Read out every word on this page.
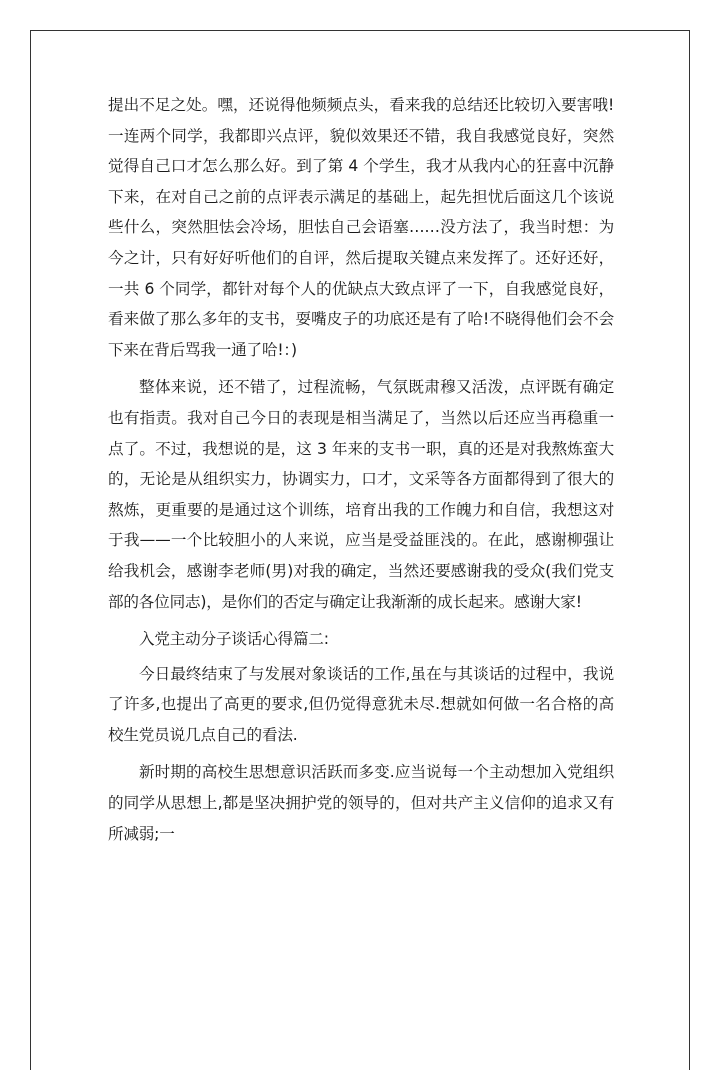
提出不足之处。嘿，还说得他频频点头，看来我的总结还比较切入要害哦!一连两个同学，我都即兴点评，貌似效果还不错，我自我感觉良好，突然觉得自己口才怎么那么好。到了第 4 个学生，我才从我内心的狂喜中沉静下来，在对自己之前的点评表示满足的基础上，起先担忧后面这几个该说些什么，突然胆怯会冷场，胆怯自己会语塞……没方法了，我当时想：为今之计，只有好好听他们的自评，然后提取关键点来发挥了。还好还好，一共 6 个同学，都针对每个人的优缺点大致点评了一下，自我感觉良好，看来做了那么多年的支书，耍嘴皮子的功底还是有了哈!不晓得他们会不会下来在背后骂我一通了哈!：)

整体来说，还不错了，过程流畅，气氛既肃穆又活泼，点评既有确定也有指责。我对自己今日的表现是相当满足了，当然以后还应当再稳重一点了。不过，我想说的是，这 3 年来的支书一职，真的还是对我熬炼蛮大的，无论是从组织实力，协调实力，口才，文采等各方面都得到了很大的熬炼，更重要的是通过这个训练，培育出我的工作魄力和自信，我想这对于我——一个比较胆小的人来说，应当是受益匪浅的。在此，感谢柳强让给我机会，感谢李老师(男)对我的确定，当然还要感谢我的受众(我们党支部的各位同志)，是你们的否定与确定让我渐渐的成长起来。感谢大家!

入党主动分子谈话心得篇二:

今日最终结束了与发展对象谈话的工作,虽在与其谈话的过程中，我说了许多,也提出了高更的要求,但仍觉得意犹未尽.想就如何做一名合格的高校生党员说几点自己的看法.

新时期的高校生思想意识活跃而多变.应当说每一个主动想加入党组织的同学从思想上,都是坚决拥护党的领导的，但对共产主义信仰的追求又有所减弱;一
